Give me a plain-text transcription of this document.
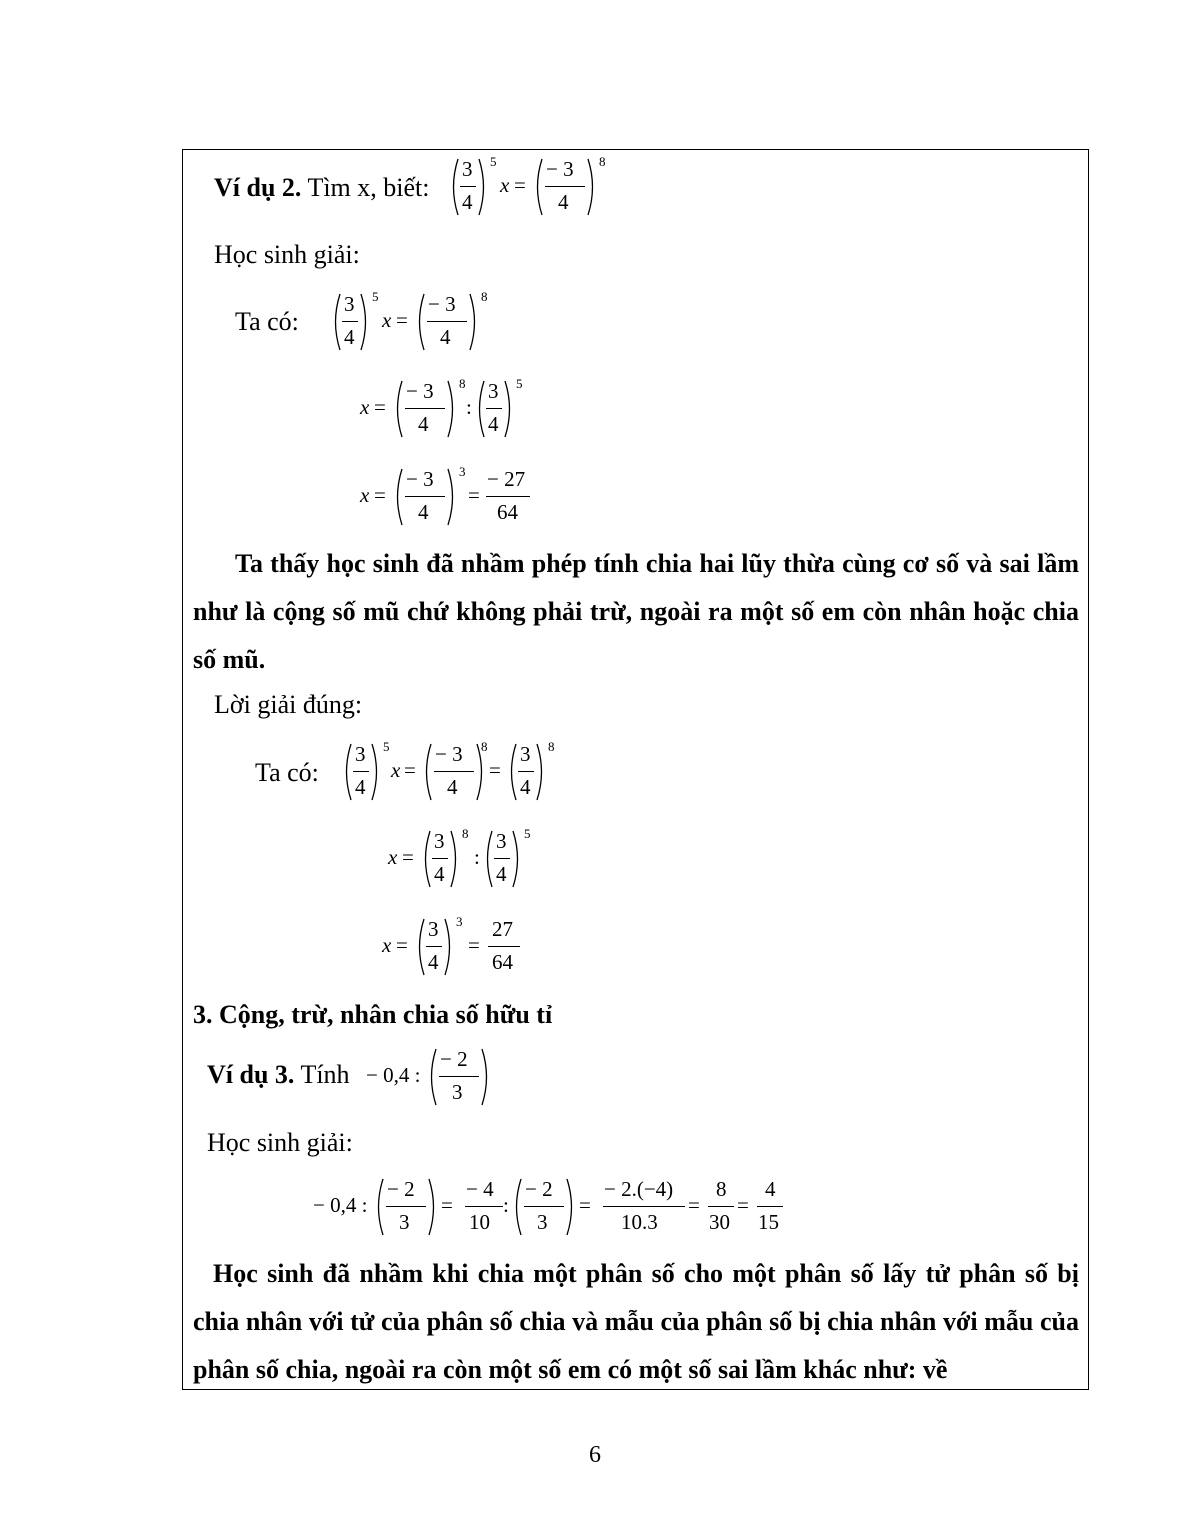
Ví dụ 2. Tìm x, biết:
3
4
5
x =
− 3
4
8
Học sinh giải:
Ta có:
3
4
5
x =
− 3
4
8
x =
− 3
4
8
:
3
4
5
x =
− 3
4
3
=
− 27
64
Ta thấy học sinh đã nhầm phép tính chia hai lũy thừa cùng cơ số và sai lầm như là cộng số mũ chứ không phải trừ, ngoài ra một số em còn nhân hoặc chia số mũ.
Lời giải đúng:
Ta có:
3
4
5
x =
− 3
4
8
=
3
4
8
x =
3
4
8
:
3
4
5
x =
3
4
3
=
27
64
3. Cộng, trừ, nhân chia số hữu tỉ
Ví dụ 3. Tính − 0,4 :
− 2
3
Học sinh giải:
− 0,4 :
− 2
3
=
− 4
10
:
− 2
3
=
− 2.(−4)
10.3
=
8
30
=
4
15
Học sinh đã nhầm khi chia một phân số cho một phân số lấy tử phân số bị chia nhân với tử của phân số chia và mẫu của phân số bị chia nhân với mẫu của phân số chia, ngoài ra còn một số em có một số sai lầm khác như: về
6
